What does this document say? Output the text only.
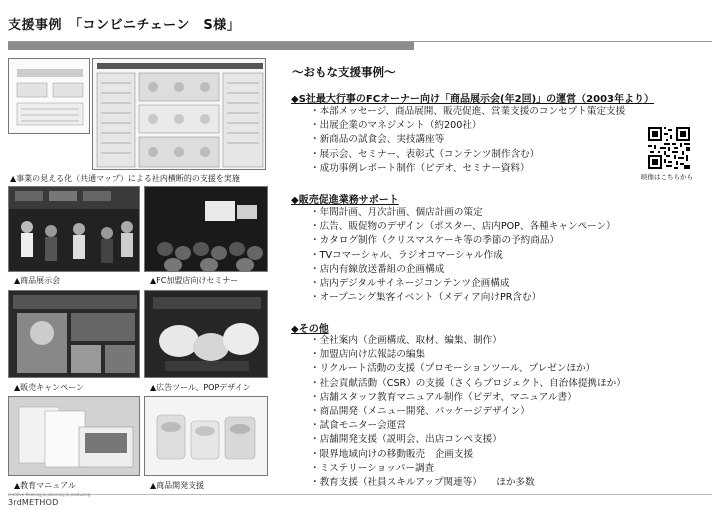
支援事例　「コンビニチェーン　S様」
▲事業の見える化（共通マップ）による社内横断的の支援を実施
▲商品展示会	▲FC加盟店向けセミナー
▲販売キャンペーン	▲広告ツール、POPデザイン
▲教育マニュアル	▲商品開発支援
～おもな支援事例～
◆S社最大行事のFCオーナー向け「商品展示会(年2回)」の運営（2003年より）
・ 本部メッセージ、商品展開、販売促進、営業支援のコンセプト策定支援
・ 出展企業のマネジメント（約200社）
・ 新商品の試食会、実技講座等
・ 展示会、セミナー、表彰式（コンテンツ制作含む）
・ 成功事例レポート制作（ビデオ、セミナー資料）
◆販売促進業務サポート
・ 年間計画、月次計画、個店計画の策定
・ 広告、販促物のデザイン（ポスター、店内POP、各種キャンペーン）
・ カタログ制作（クリスマスケーキ等の季節の予約商品）
・ TVコマーシャル、ラジオコマーシャル作成
・ 店内有線放送番組の企画構成
・ 店内デジタルサイネージコンテンツ企画構成
・ オープニング集客イベント（メディア向けPR含む）
◆その他
・ 全社案内（企画構成、取材、編集、制作）
・ 加盟店向け広報誌の編集
・ リクルート活動の支援（プロモーションツール、プレゼンほか）
・ 社会貢献活動（CSR）の支援（さくらプロジェクト、自治体提携ほか）
・ 店舗スタッフ教育マニュアル制作（ビデオ、マニュアル書）
・ 商品開発（メニュー開発、パッケージデザイン）
・ 試食モニター会運営
・ 店舗開発支援（説明会、出店コンペ支援）
・ 限界地域向けの移動販売　企画支援
・ ミステリーショッパー調査
・ 教育支援（社員スキルアップ関連等）　　ほか多数
映像はこちらから
creative thinking & planning & producing
3rdMETHOD
